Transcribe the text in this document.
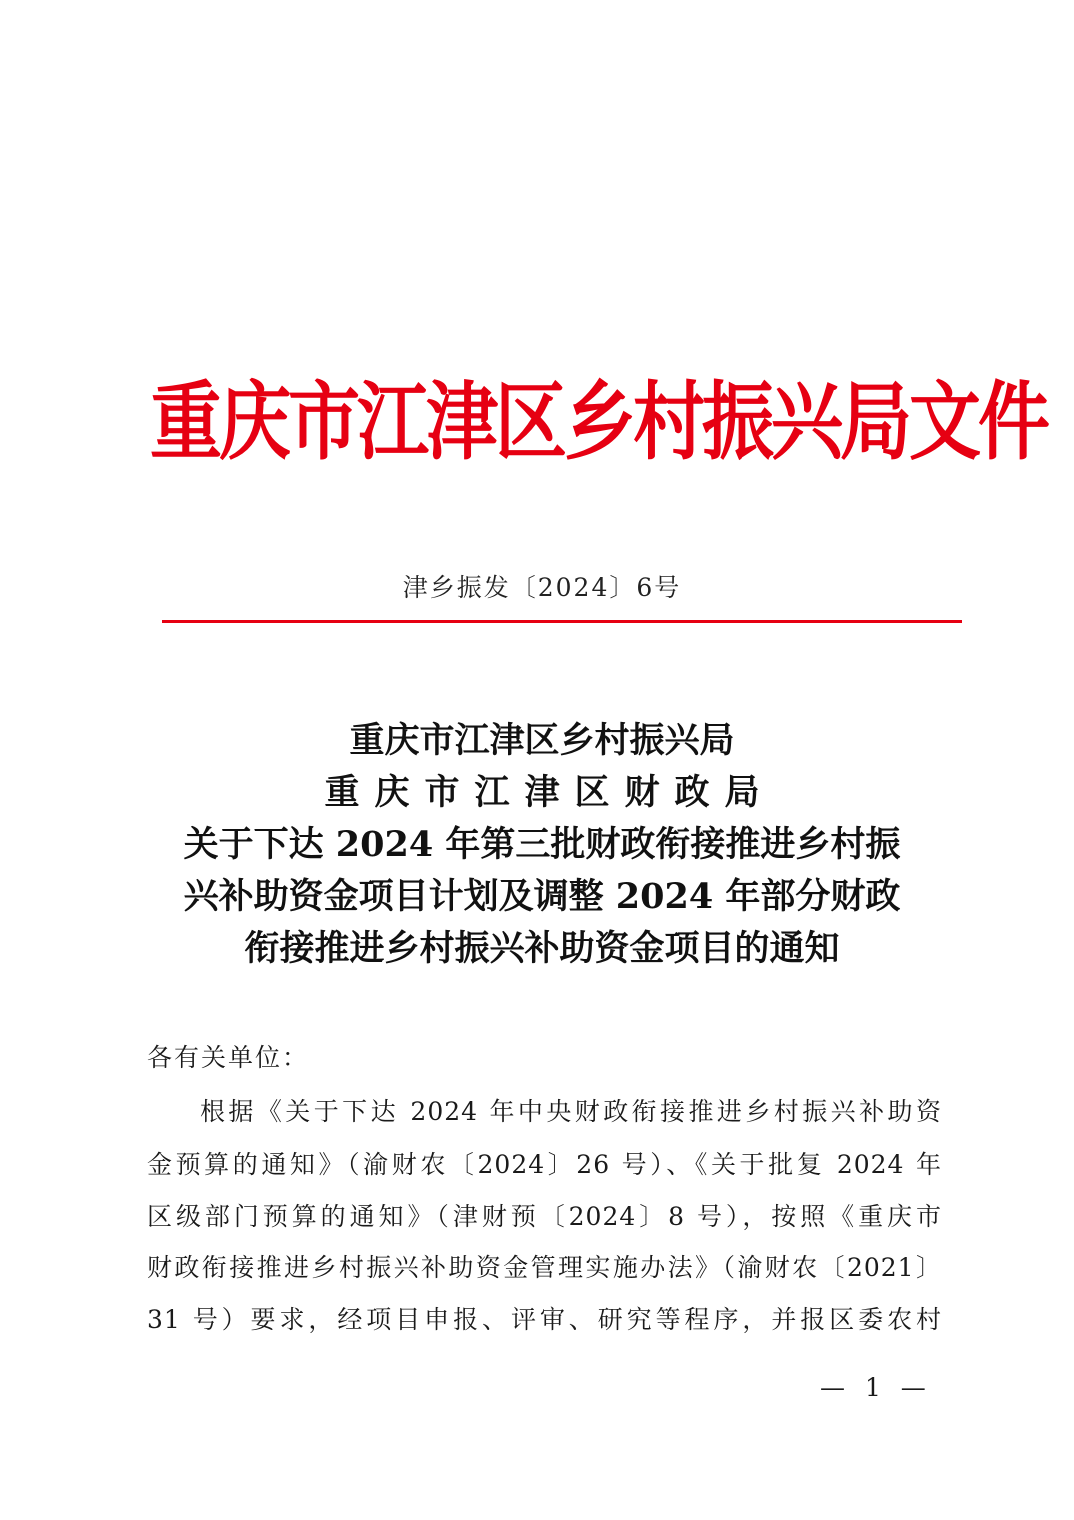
重庆市江津区乡村振兴局文件
津乡振发〔2024〕6号
重庆市江津区乡村振兴局
重庆市江津区财政局
关于下达 2024 年第三批财政衔接推进乡村振
兴补助资金项目计划及调整 2024 年部分财政
衔接推进乡村振兴补助资金项目的通知
各有关单位：
根据《关于下达 2024 年中央财政衔接推进乡村振兴补助资
金预算的通知》（渝财农〔2024〕26 号）、《关于批复 2024 年
区级部门预算的通知》（津财预〔2024〕8 号），按照《重庆市
财政衔接推进乡村振兴补助资金管理实施办法》（渝财农〔2021〕
31 号）要求，经项目申报、评审、研究等程序，并报区委农村
— 1 —
